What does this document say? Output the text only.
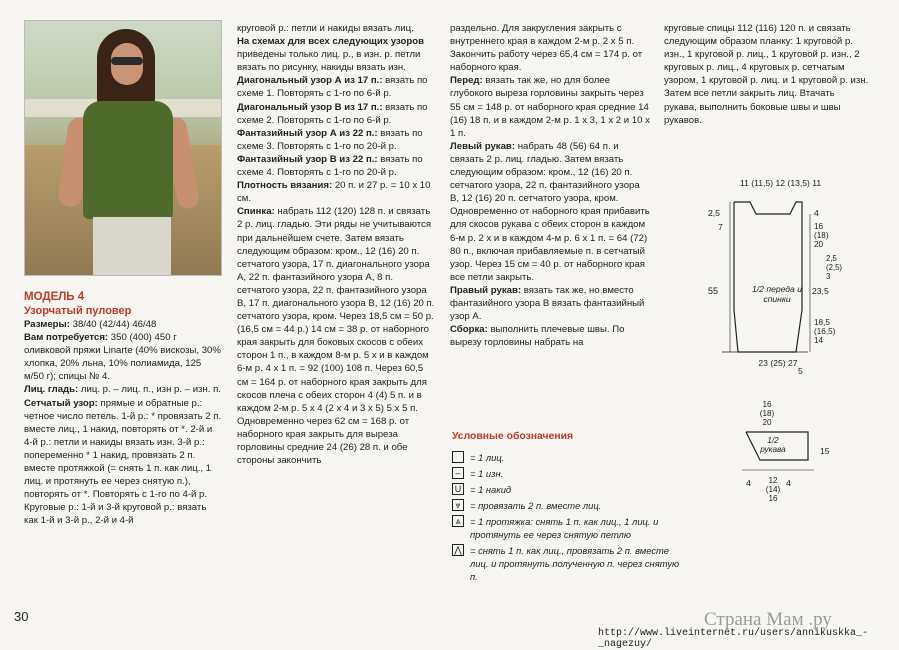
МОДЕЛЬ 4

Узорчатый пуловер

Размеры: 38/40 (42/44) 46/48

Вам потребуется: 350 (400) 450 г оливковой пряжи Linarte (40% вискозы, 30% хлопка, 20% льна, 10% полиамида, 125 м/50 г); спицы № 4.

Лиц. гладь: лиц. р. – лиц. п., изн р. – изн. п.

Сетчатый узор: прямые и обратные р.: четное число петель. 1-й р.: * провязать 2 п. вместе лиц., 1 накид, повторять от *. 2-й и 4-й р.: петли и накиды вязать изн. 3-й р.: попеременно * 1 накид, провязать 2 п. вместе протяжкой (= снять 1 п. как лиц., 1 лиц. и протянуть ее через снятую п.), повторять от *. Повторять с 1-го по 4-й р. Круговые р.: 1-й и 3-й круговой р.: вязать как 1-й и 3-й р., 2-й и 4-й

круговой р.: петли и накиды вязать лиц.

На схемах для всех следующих узоров приведены только лиц. р., в изн. р. петли вязать по рисунку, накиды вязать изн.

Диагональный узор А из 17 п.: вязать по схеме 1. Повторять с 1-го по 6-й р.

Диагональный узор В из 17 п.: вязать по схеме 2. Повторять с 1-го по 6-й р.

Фантазийный узор А из 22 п.: вязать по схеме 3. Повторять с 1-го по 20-й р.

Фантазийный узор В из 22 п.: вязать по схеме 4. Повторять с 1-го по 20-й р.

Плотность вязания: 20 п. и 27 р. = 10 х 10 см.

Спинка: набрать 112 (120) 128 п. и связать 2 р. лиц. гладью. Эти ряды не учитываются при дальнейшем счете. Затем вязать следующим образом: кром., 12 (16) 20 п. сетчатого узора, 17 п. диагонального узора А, 22 п. фантазийного узора А, 8 п. сетчатого узора, 22 п. фантазийного узора В, 17 п. диагонального узора В, 12 (16) 20 п. сетчатого узора, кром. Через 18,5 см = 50 р. (16,5 см = 44 р.) 14 см = 38 р. от наборного края закрыть для боковых скосов с обеих сторон 1 п., в каждом 8-м р. 5 х и в каждом 6-м р. 4 х 1 п. = 92 (100) 108 п. Через 60,5 см = 164 р. от наборного края закрыть для скосов плеча с обеих сторон 4 (4) 5 п. и в каждом 2-м р. 5 х 4 (2 х 4 и 3 х 5) 5 х 5 п. Одновременно через 62 см = 168 р. от наборного края закрыть для выреза горловины средние 24 (26) 28 п. и обе стороны закончить

раздельно. Для закругления закрыть с внутреннего края в каждом 2-м р. 2 х 5 п. Закончить работу через 65,4 см = 174 р. от наборного края.

Перед: вязать так же, но для более глубокого выреза горловины закрыть через 55 см = 148 р. от наборного края средние 14 (16) 18 п. и в каждом 2-м р. 1 х 3, 1 х 2 и 10 х 1 п.

Левый рукав: набрать 48 (56) 64 п. и связать 2 р. лиц. гладью. Затем вязать следующим образом: кром., 12 (16) 20 п. сетчатого узора, 22 п. фантазийного узора В, 12 (16) 20 п. сетчатого узора, кром. Одновременно от наборного края прибавить для скосов рукава с обеих сторон в каждом 6-м р. 2 х и в каждом 4-м р. 6 х 1 п. = 64 (72) 80 п., включая прибавляемые п. в сетчатый узор. Через 15 см = 40 р. от наборного края все петли закрыть.

Правый рукав: вязать так же, но вместо фантазийного узора В вязать фантазийный узор А.

Сборка: выполнить плечевые швы. По вырезу горловины набрать на

круговые спицы 112 (116) 120 п. и связать следующим образом планку: 1 круговой р. изн., 1 круговой р. лиц., 1 круговой р. изн., 2 круговых р. лиц., 4 круговых р. сетчатым узором, 1 круговой р. лиц. и 1 круговой р. изн. Затем все петли закрыть лиц. Втачать рукава, выполнить боковые швы и швы рукавов.

Условные обозначения

= 1 лиц.
–	= 1 изн.
U = 1 накид
⩔	= провязать 2 п. вместе лиц.
⩓	= 1 протяжка: снять 1 п. как лиц., 1 лиц. и протянуть ее через снятую петлю
⋀ = снять 1 п. как лиц., провязать 2 п. вместе лиц. и протянуть полученную п. через снятую п.
11 (11,5) 12 (13,5) 11
2,5
7
55	1/2 переда и спинки
4
16 (18) 20
2,5 (2,5) 3
23,5
18,5 (16,5) 14
23 (25) 27
5
16 (18) 20
1/2 рукава	15
4	12 (14) 16
4
30
http://www.liveinternet.ru/users/annikuskka_-_nagezuy/
Страна Мам .ру
